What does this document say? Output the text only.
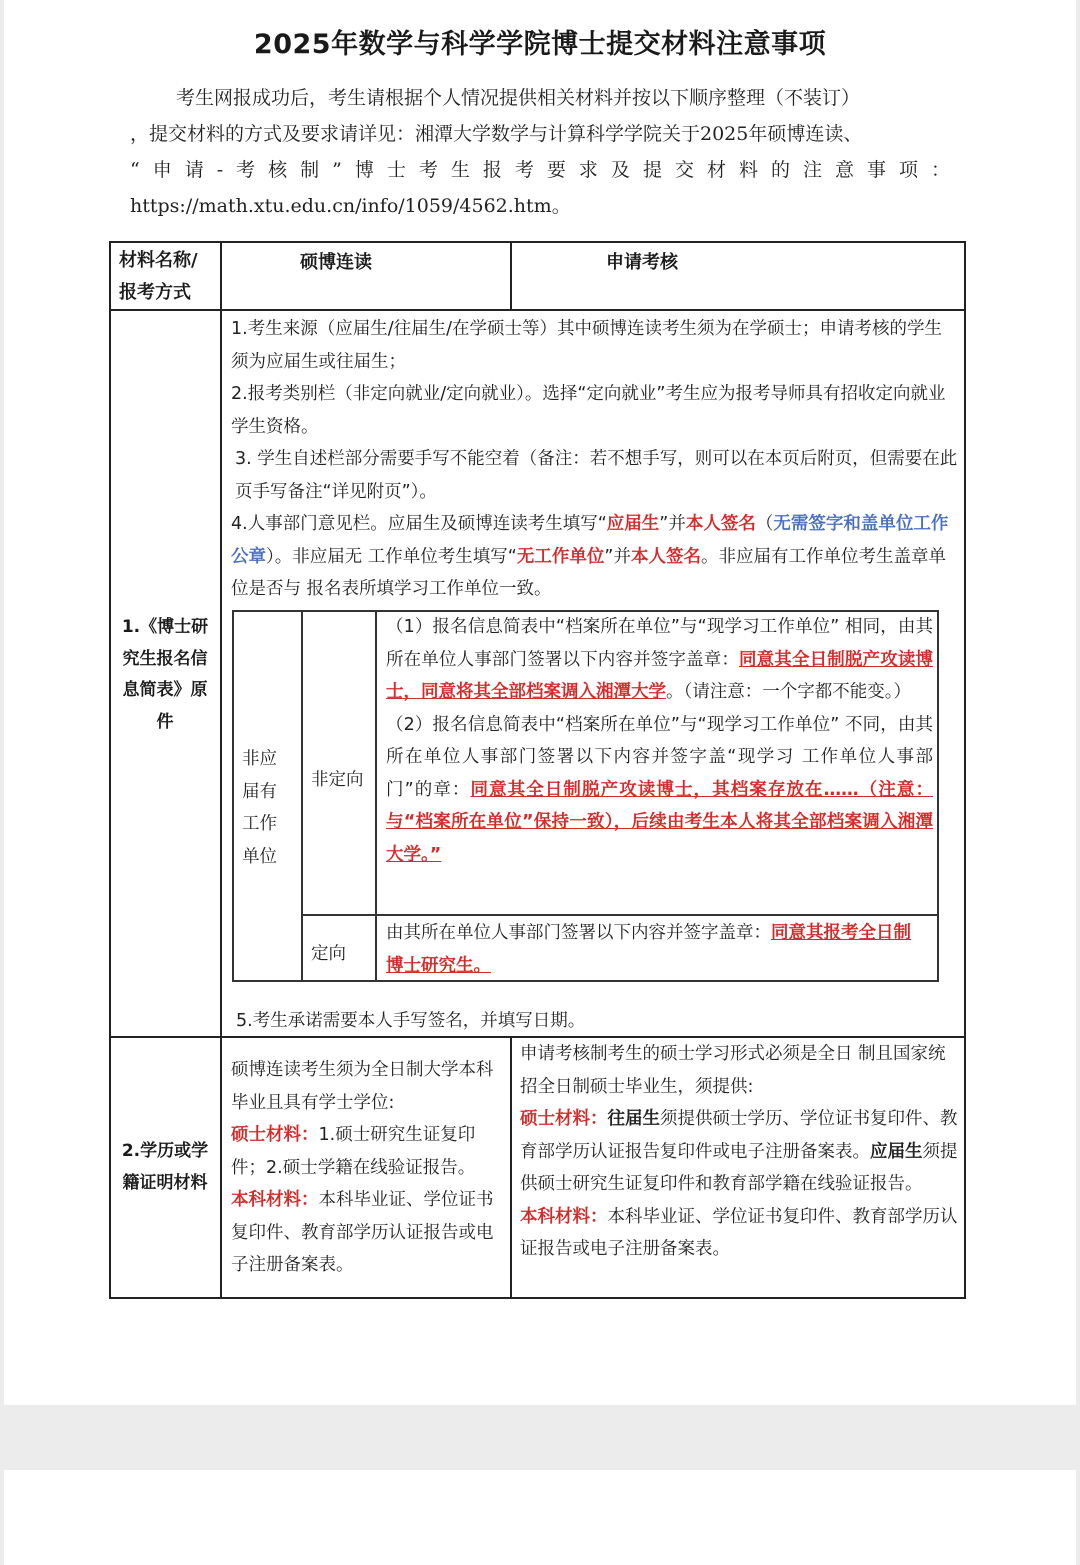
2025年数学与科学学院博士提交材料注意事项

考生网报成功后，考生请根据个人情况提供相关材料并按以下顺序整理（不装订）

，提交材料的方式及要求请详见：湘潭大学数学与计算科学学院关于2025年硕博连读、

“申请-考核制”博士考生报考要求及提交材料的注意事项：

https://math.xtu.edu.cn/info/1059/4562.htm。

材料名称/
报考方式
硕博连读	申请考核
1.《博士研
究生报名信
息简表》原
件

1.考生来源（应届生/往届生/在学硕士等）其中硕博连读考生须为在学硕士；申请考核的学生须为应届生或往届生；

2.报考类别栏（非定向就业/定向就业）。选择“定向就业”考生应为报考导师具有招收定向就业学生资格。

3. 学生自述栏部分需要手写不能空着（备注：若不想手写，则可以在本页后附页，但需要在此页手写备注“详见附页”）。

4.人事部门意见栏。应届生及硕博连读考生填写“应届生”并本人签名（无需签字和盖单位工作公章）。非应届无 工作单位考生填写“无工作单位”并本人签名。非应届有工作单位考生盖章单位是否与 报名表所填学习工作单位一致。

非应
届有
工作
单位
非定向

（1）报名信息简表中“档案所在单位”与“现学习工作单位” 相同，由其所在单位人事部门签署以下内容并签字盖章：同意其全日制脱产攻读博士，同意将其全部档案调入湘潭大学。（请注意：一个字都不能变。）

（2）报名信息简表中“档案所在单位”与“现学习工作单位” 不同，由其所在单位人事部门签署以下内容并签字盖“现学习 工作单位人事部门”的章：同意其全日制脱产攻读博士，其档案存放在……（注意：与“档案所在单位”保持一致），后续由考生本人将其全部档案调入湘潭大学。”

定向
由其所在单位人事部门签署以下内容并签字盖章：同意其报考全日制博士研究生。
5.考生承诺需要本人手写签名，并填写日期。
2.学历或学
籍证明材料

硕博连读考生须为全日制大学本科毕业且具有学士学位:

硕士材料：1.硕士研究生证复印件；2.硕士学籍在线验证报告。

本科材料：本科毕业证、学位证书复印件、教育部学历认证报告或电子注册备案表。

申请考核制考生的硕士学习形式必须是全日 制且国家统招全日制硕士毕业生，须提供:

硕士材料：往届生须提供硕士学历、学位证书复印件、教育部学历认证报告复印件或电子注册备案表。应届生须提供硕士研究生证复印件和教育部学籍在线验证报告。

本科材料：本科毕业证、学位证书复印件、教育部学历认证报告或电子注册备案表。
